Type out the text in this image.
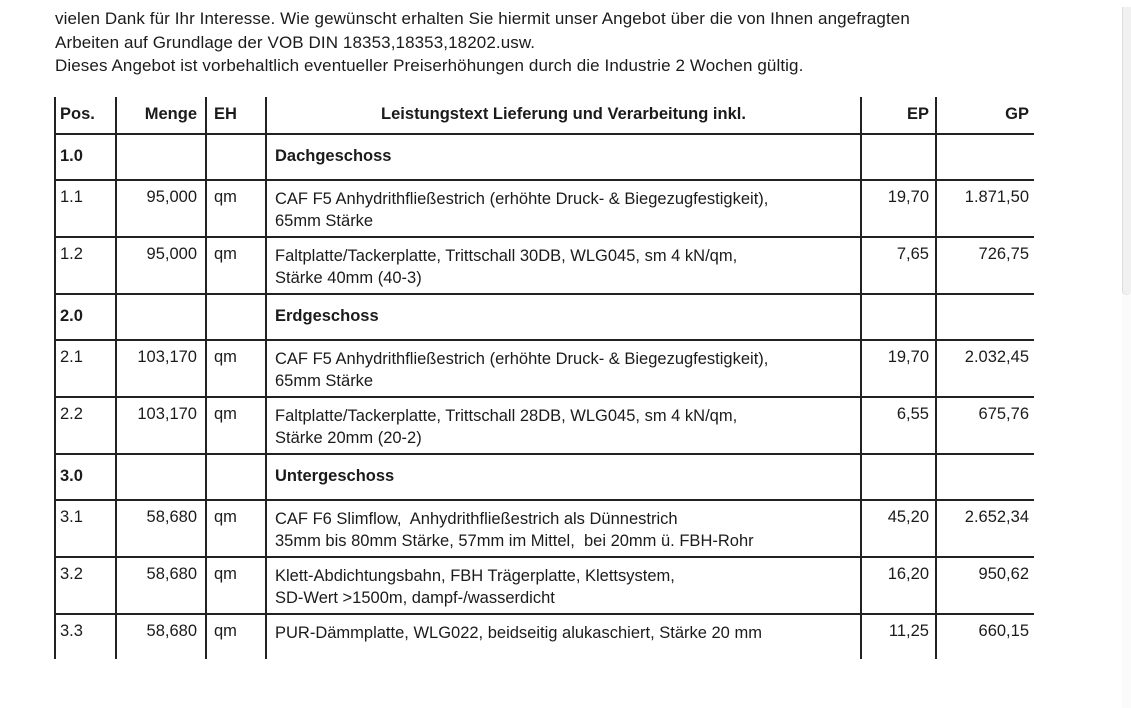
vielen Dank für Ihr Interesse. Wie gewünscht erhalten Sie hiermit unser Angebot über die von Ihnen angefragten
Arbeiten auf Grundlage der VOB DIN 18353,18353,18202.usw.
Dieses Angebot ist vorbehaltlich eventueller Preiserhöhungen durch die Industrie 2 Wochen gültig.
Pos.	Menge	EH	Leistungstext Lieferung und Verarbeitung inkl.	EP	GP
1.0			Dachgeschoss		

1.1	95,000	qm	CAF F5 Anhydrithfließestrich (erhöhte Druck- & Biegezugfestigkeit),
65mm Stärke	19,70	1.871,50
1.2	95,000	qm	Faltplatte/Tackerplatte, Trittschall 30DB, WLG045, sm 4 kN/qm,
Stärke 40mm (40-3)	7,65	726,75
2.0			Erdgeschoss		

2.1	103,170	qm	CAF F5 Anhydrithfließestrich (erhöhte Druck- & Biegezugfestigkeit),
65mm Stärke	19,70	2.032,45
2.2	103,170	qm	Faltplatte/Tackerplatte, Trittschall 28DB, WLG045, sm 4 kN/qm,
Stärke 20mm (20-2)	6,55	675,76
3.0			Untergeschoss		

3.1	58,680	qm	CAF F6 Slimflow,  Anhydrithfließestrich als Dünnestrich
35mm bis 80mm Stärke, 57mm im Mittel,  bei 20mm ü. FBH-Rohr	45,20	2.652,34
3.2	58,680	qm	Klett-Abdichtungsbahn, FBH Trägerplatte, Klettsystem,
SD-Wert >1500m, dampf-/wasserdicht	16,20	950,62
3.3	58,680	qm	PUR-Dämmplatte, WLG022, beidseitig alukaschiert, Stärke 20 mm	11,25	660,15
